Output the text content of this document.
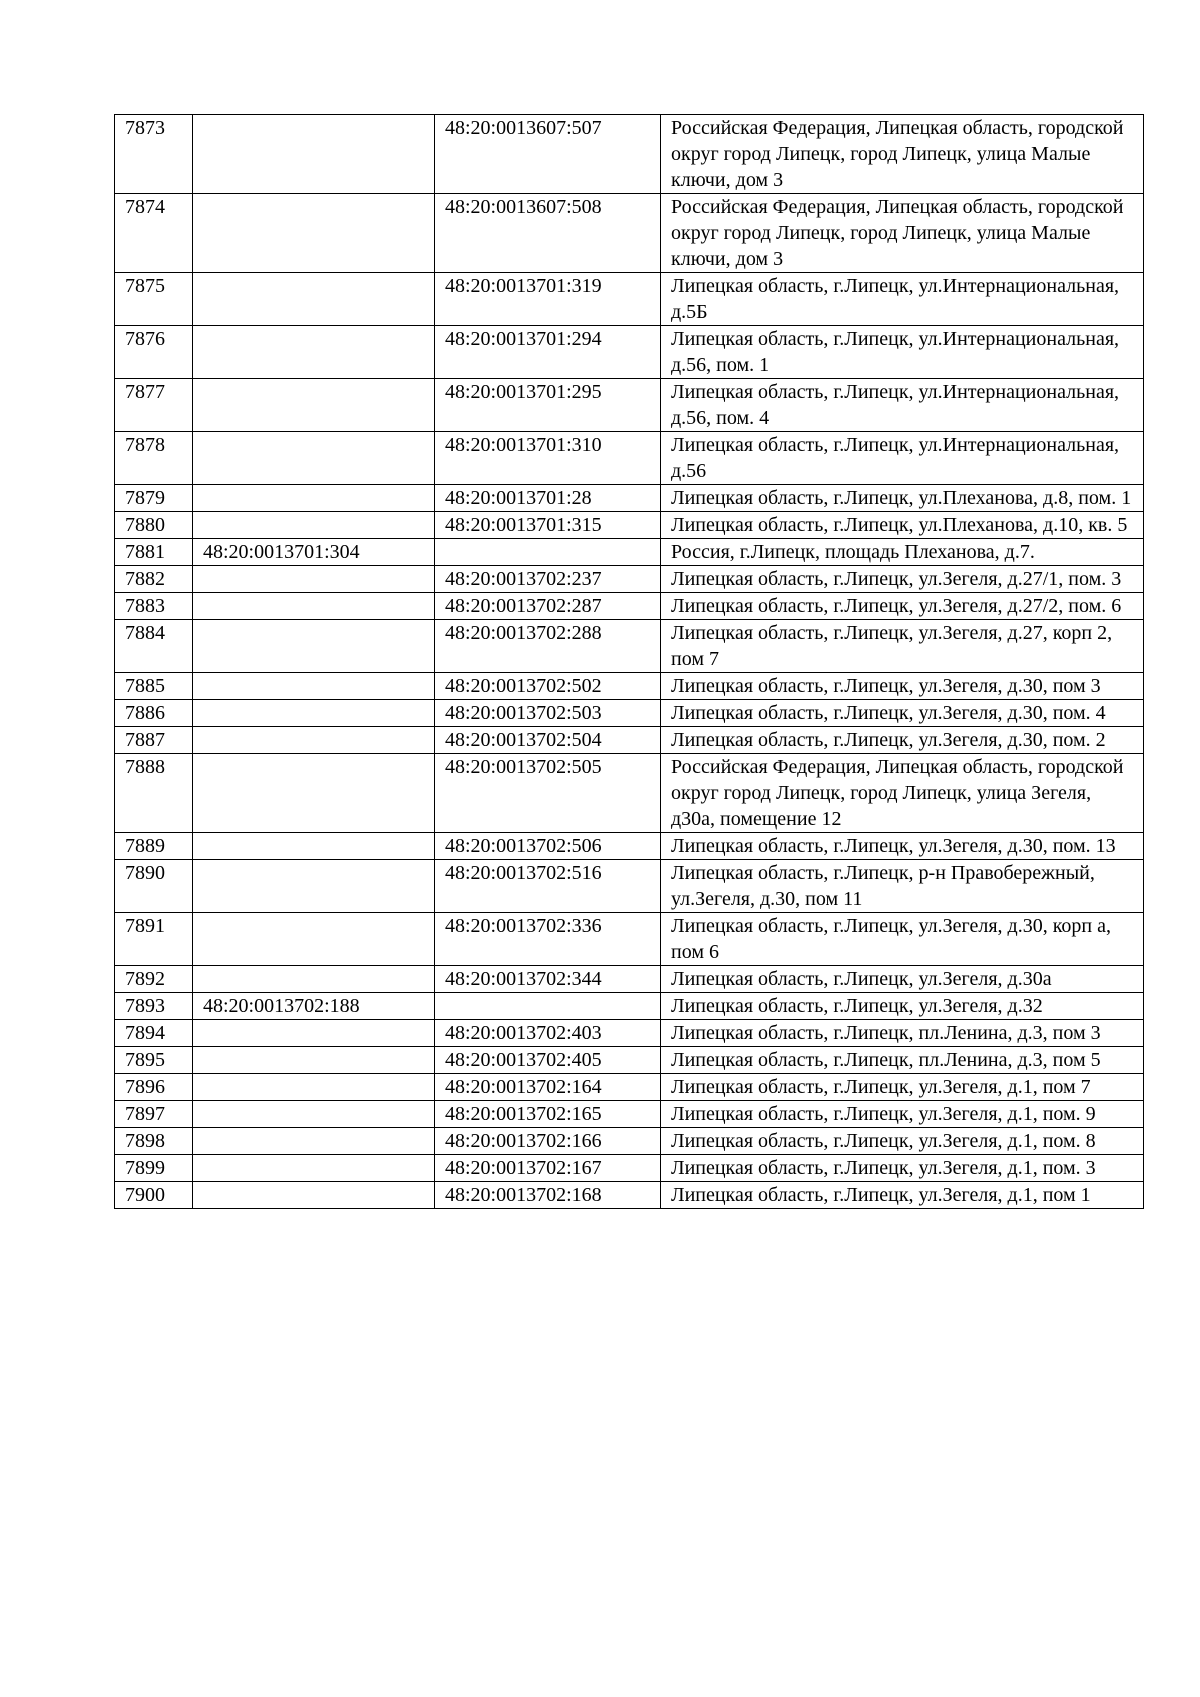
7873		48:20:0013607:507	Российская Федерация, Липецкая область, городской округ город Липецк, город Липецк, улица Малые ключи, дом 3
7874		48:20:0013607:508	Российская Федерация, Липецкая область, городской округ город Липецк, город Липецк, улица Малые ключи, дом 3
7875		48:20:0013701:319	Липецкая область, г.Липецк, ул.Интернациональная, д.5Б
7876		48:20:0013701:294	Липецкая область, г.Липецк, ул.Интернациональная, д.56, пом. 1
7877		48:20:0013701:295	Липецкая область, г.Липецк, ул.Интернациональная, д.56, пом. 4
7878		48:20:0013701:310	Липецкая область, г.Липецк, ул.Интернациональная, д.56
7879		48:20:0013701:28	Липецкая область, г.Липецк, ул.Плеханова, д.8, пом. 1
7880		48:20:0013701:315	Липецкая область, г.Липецк, ул.Плеханова, д.10, кв. 5
7881	48:20:0013701:304		Россия, г.Липецк, площадь Плеханова, д.7.
7882		48:20:0013702:237	Липецкая область, г.Липецк, ул.Зегеля, д.27/1, пом. 3
7883		48:20:0013702:287	Липецкая область, г.Липецк, ул.Зегеля, д.27/2, пом. 6
7884		48:20:0013702:288	Липецкая область, г.Липецк, ул.Зегеля, д.27, корп 2, пом 7
7885		48:20:0013702:502	Липецкая область, г.Липецк, ул.Зегеля, д.30, пом 3
7886		48:20:0013702:503	Липецкая область, г.Липецк, ул.Зегеля, д.30, пом. 4
7887		48:20:0013702:504	Липецкая область, г.Липецк, ул.Зегеля, д.30, пом. 2
7888		48:20:0013702:505	Российская Федерация, Липецкая область, городской округ город Липецк, город Липецк, улица Зегеля, д30а, помещение 12
7889		48:20:0013702:506	Липецкая область, г.Липецк, ул.Зегеля, д.30, пом. 13
7890		48:20:0013702:516	Липецкая область, г.Липецк, р-н Правобережный, ул.Зегеля, д.30, пом 11
7891		48:20:0013702:336	Липецкая область, г.Липецк, ул.Зегеля, д.30, корп а, пом 6
7892		48:20:0013702:344	Липецкая область, г.Липецк, ул.Зегеля, д.30а
7893	48:20:0013702:188		Липецкая область, г.Липецк, ул.Зегеля, д.32
7894		48:20:0013702:403	Липецкая область, г.Липецк, пл.Ленина, д.3, пом 3
7895		48:20:0013702:405	Липецкая область, г.Липецк, пл.Ленина, д.3, пом 5
7896		48:20:0013702:164	Липецкая область, г.Липецк, ул.Зегеля, д.1, пом 7
7897		48:20:0013702:165	Липецкая область, г.Липецк, ул.Зегеля, д.1, пом. 9
7898		48:20:0013702:166	Липецкая область, г.Липецк, ул.Зегеля, д.1, пом. 8
7899		48:20:0013702:167	Липецкая область, г.Липецк, ул.Зегеля, д.1, пом. 3
7900		48:20:0013702:168	Липецкая область, г.Липецк, ул.Зегеля, д.1, пом 1
